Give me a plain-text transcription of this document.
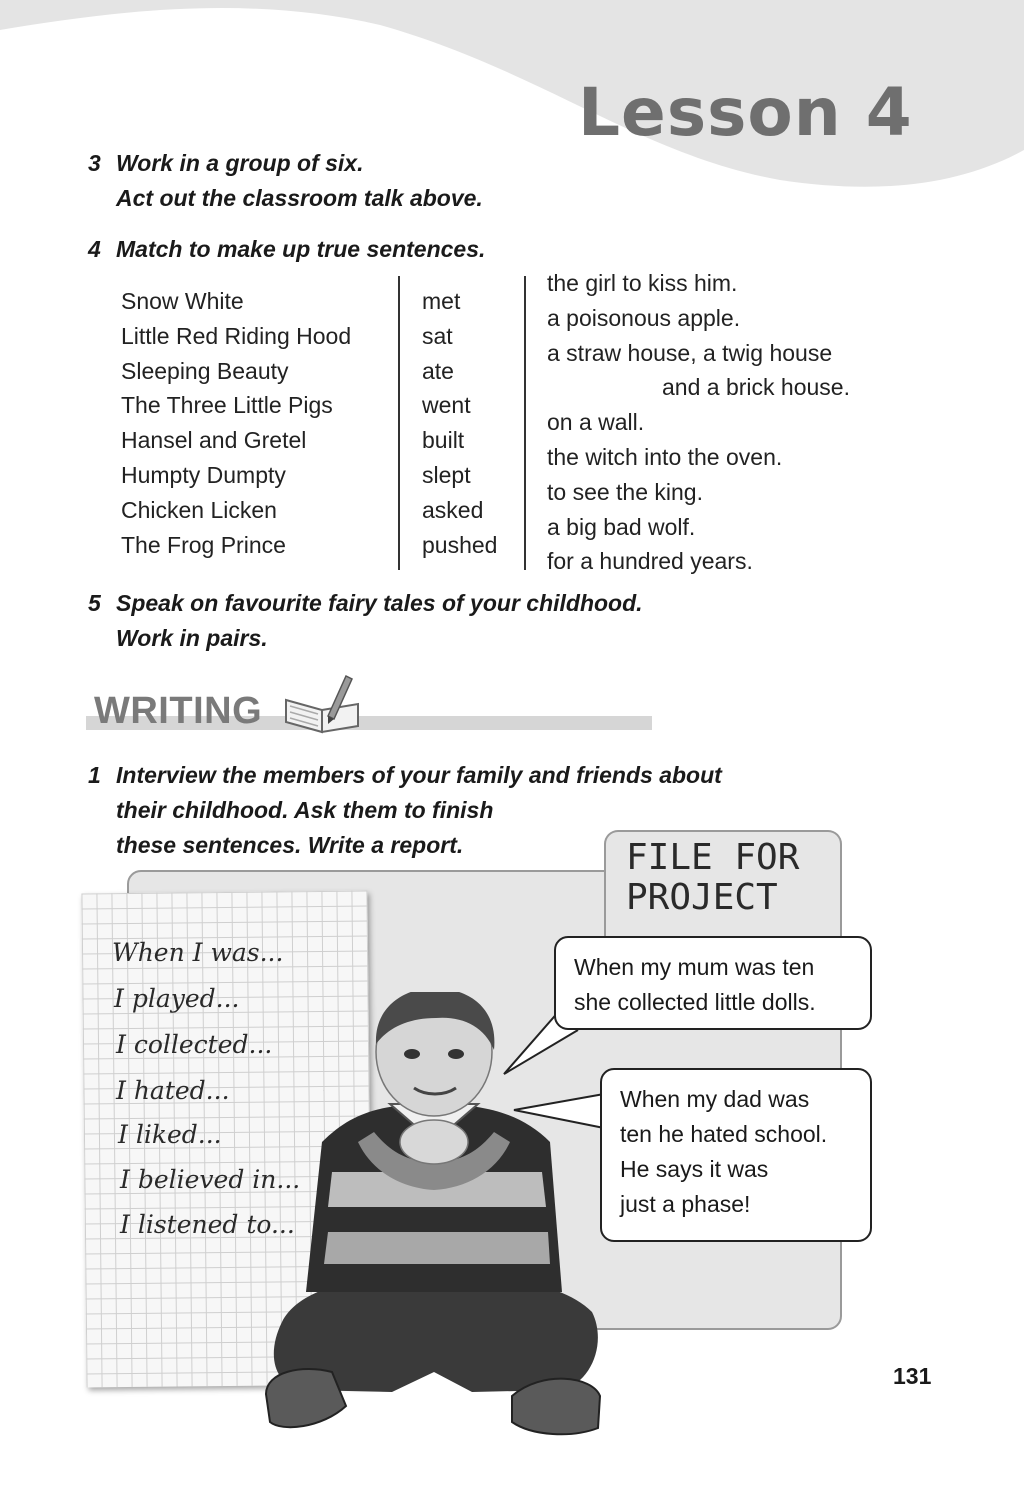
Lesson 4
3 Work in a group of six.
Act out the classroom talk above.
4 Match to make up true sentences.
Snow White
Little Red Riding Hood
Sleeping Beauty
The Three Little Pigs
Hansel and Gretel
Humpty Dumpty
Chicken Licken
The Frog Prince
met
sat
ate
went
built
slept
asked
pushed
the girl to kiss him.
a poisonous apple.
a straw house, a twig house
and a brick house.
on a wall.
the witch into the oven.
to see the king.
a big bad wolf.
for a hundred years.
5 Speak on favourite fairy tales of your childhood.
Work in pairs.
WRITING
1 Interview the members of your family and friends about
their childhood. Ask them to finish
these sentences. Write a report.	FILE FOR
PROJECT
When I was...
I played...
I collected...
I hated...
I liked...
I believed in...
I listened to...
When my mum was ten
she collected little dolls.
When my dad was
ten he hated school.
He says it was
just a phase!
131
